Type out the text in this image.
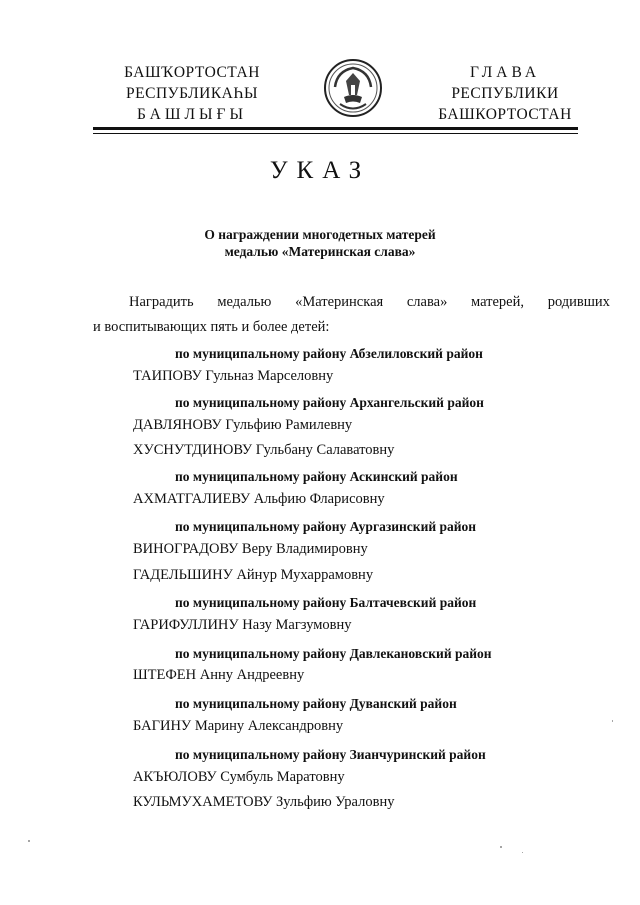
БАШҠОРТОСТАН
РЕСПУБЛИКАҺЫ
БАШЛЫҒЫ
ГЛАВА
РЕСПУБЛИКИ
БАШКОРТОСТАН
УКАЗ
О награждении многодетных матерей
медалью «Материнская слава»
Наградить медалью «Материнская слава» матерей, родивших
и воспитывающих пять и более детей:
по муниципальному району Абзелиловский район
ТАИПОВУ Гульназ Марселовну
по муниципальному району Архангельский район
ДАВЛЯНОВУ Гульфию Рамилевну
ХУСНУТДИНОВУ Гульбану Салаватовну
по муниципальному району Аскинский район
АХМАТГАЛИЕВУ Альфию Фларисовну
по муниципальному району Аургазинский район
ВИНОГРАДОВУ Веру Владимировну
ГАДЕЛЬШИНУ Айнур Мухаррамовну
по муниципальному району Балтачевский район
ГАРИФУЛЛИНУ Назу Магзумовну
по муниципальному району Давлекановский район
ШТЕФЕН Анну Андреевну
по муниципальному району Дуванский район
БАГИНУ Марину Александровну
по муниципальному району Зианчуринский район
АКЪЮЛОВУ Сумбуль Маратовну
КУЛЬМУХАМЕТОВУ Зульфию Ураловну
